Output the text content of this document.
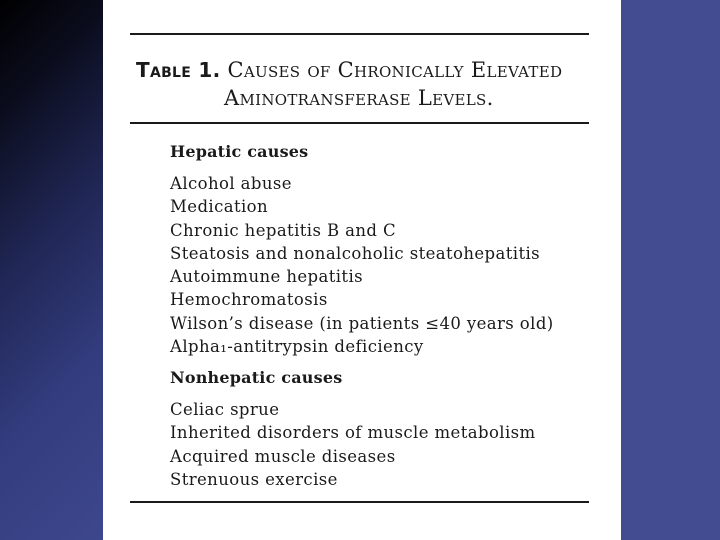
Table 1. Causes of Chronically Elevated
Aminotransferase Levels.
Hepatic causes
Alcohol abuse
Medication
Chronic hepatitis B and C
Steatosis and nonalcoholic steatohepatitis
Autoimmune hepatitis
Hemochromatosis
Wilson’s disease (in patients ≤40 years old)
Alpha₁-antitrypsin deficiency
Nonhepatic causes
Celiac sprue
Inherited disorders of muscle metabolism
Acquired muscle diseases
Strenuous exercise
